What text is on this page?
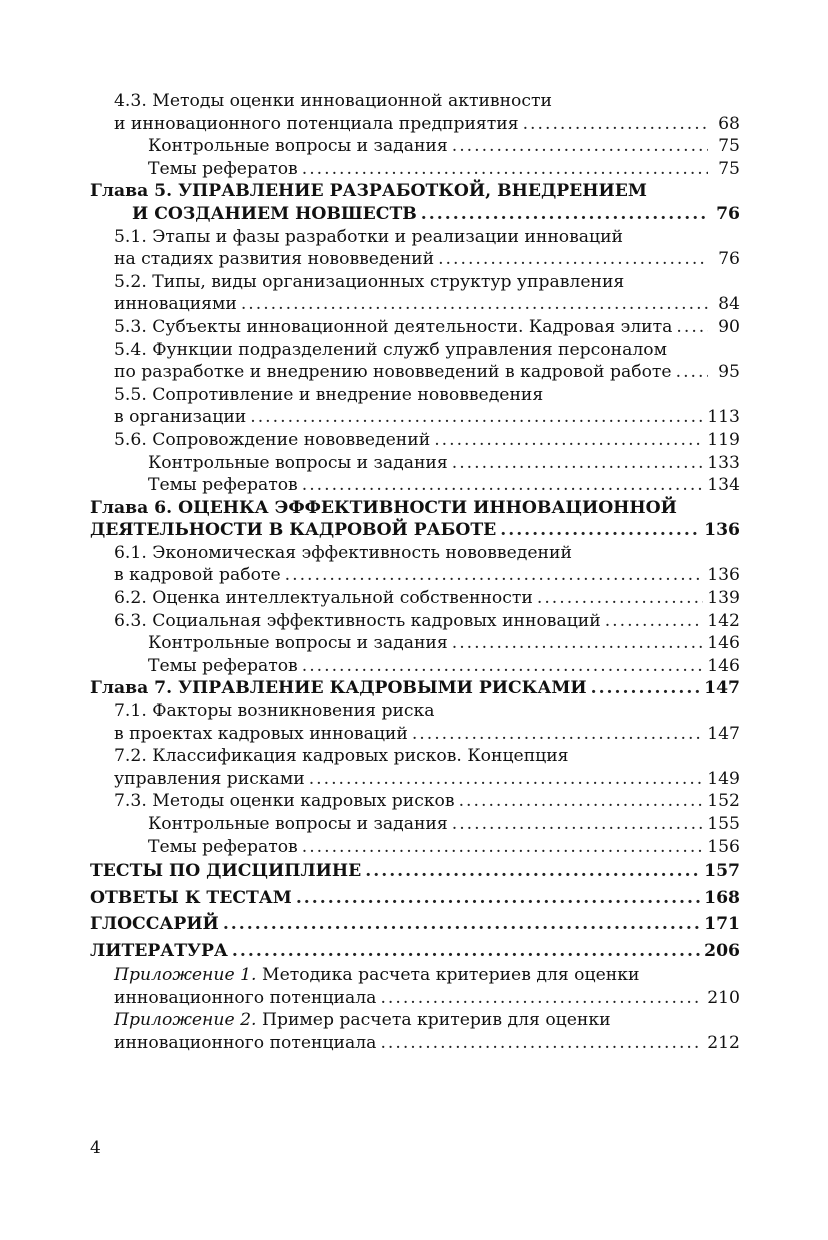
4.3. Методы оценки инновационной активности
и инновационного потенциала предприятия .....	68
Контрольные вопросы и задания .....	75
Темы рефератов .....	75
Глава 5. УПРАВЛЕНИЕ РАЗРАБОТКОЙ, ВНЕДРЕНИЕМ
И СОЗДАНИЕМ НОВШЕСТВ .....	76
5.1. Этапы и фазы разработки и реализации инноваций
на стадиях развития нововведений .....	76
5.2. Типы, виды организационных структур управления
инновациями .....	84
5.3. Субъекты инновационной деятельности. Кадровая элита .....	90
5.4. Функции подразделений служб управления персоналом
по разработке и внедрению нововведений в кадровой работе .....	95
5.5. Сопротивление и внедрение нововведения
в организации .....	113
5.6. Сопровождение нововведений .....	119
Контрольные вопросы и задания .....	133
Темы рефератов .....	134
Глава 6. ОЦЕНКА ЭФФЕКТИВНОСТИ ИННОВАЦИОННОЙ
ДЕЯТЕЛЬНОСТИ В КАДРОВОЙ РАБОТЕ .....	136
6.1. Экономическая эффективность нововведений
в кадровой работе .....	136
6.2. Оценка интеллектуальной собственности .....	139
6.3. Социальная эффективность кадровых инноваций .....	142
Контрольные вопросы и задания .....	146
Темы рефератов .....	146
Глава 7. УПРАВЛЕНИЕ КАДРОВЫМИ РИСКАМИ .....	147
7.1. Факторы возникновения риска
в проектах кадровых инноваций .....	147
7.2. Классификация кадровых рисков. Концепция
управления рисками .....	149
7.3. Методы оценки кадровых рисков .....	152
Контрольные вопросы и задания .....	155
Темы рефератов .....	156
ТЕСТЫ ПО ДИСЦИПЛИНЕ .....	157
ОТВЕТЫ К ТЕСТАМ .....	168
ГЛОССАРИЙ .....	171
ЛИТЕРАТУРА .....	206
Приложение 1. Методика расчета критериев для оценки
инновационного потенциала .....	210
Приложение 2. Пример расчета критерив для оценки
инновационного потенциала .....	212
4
